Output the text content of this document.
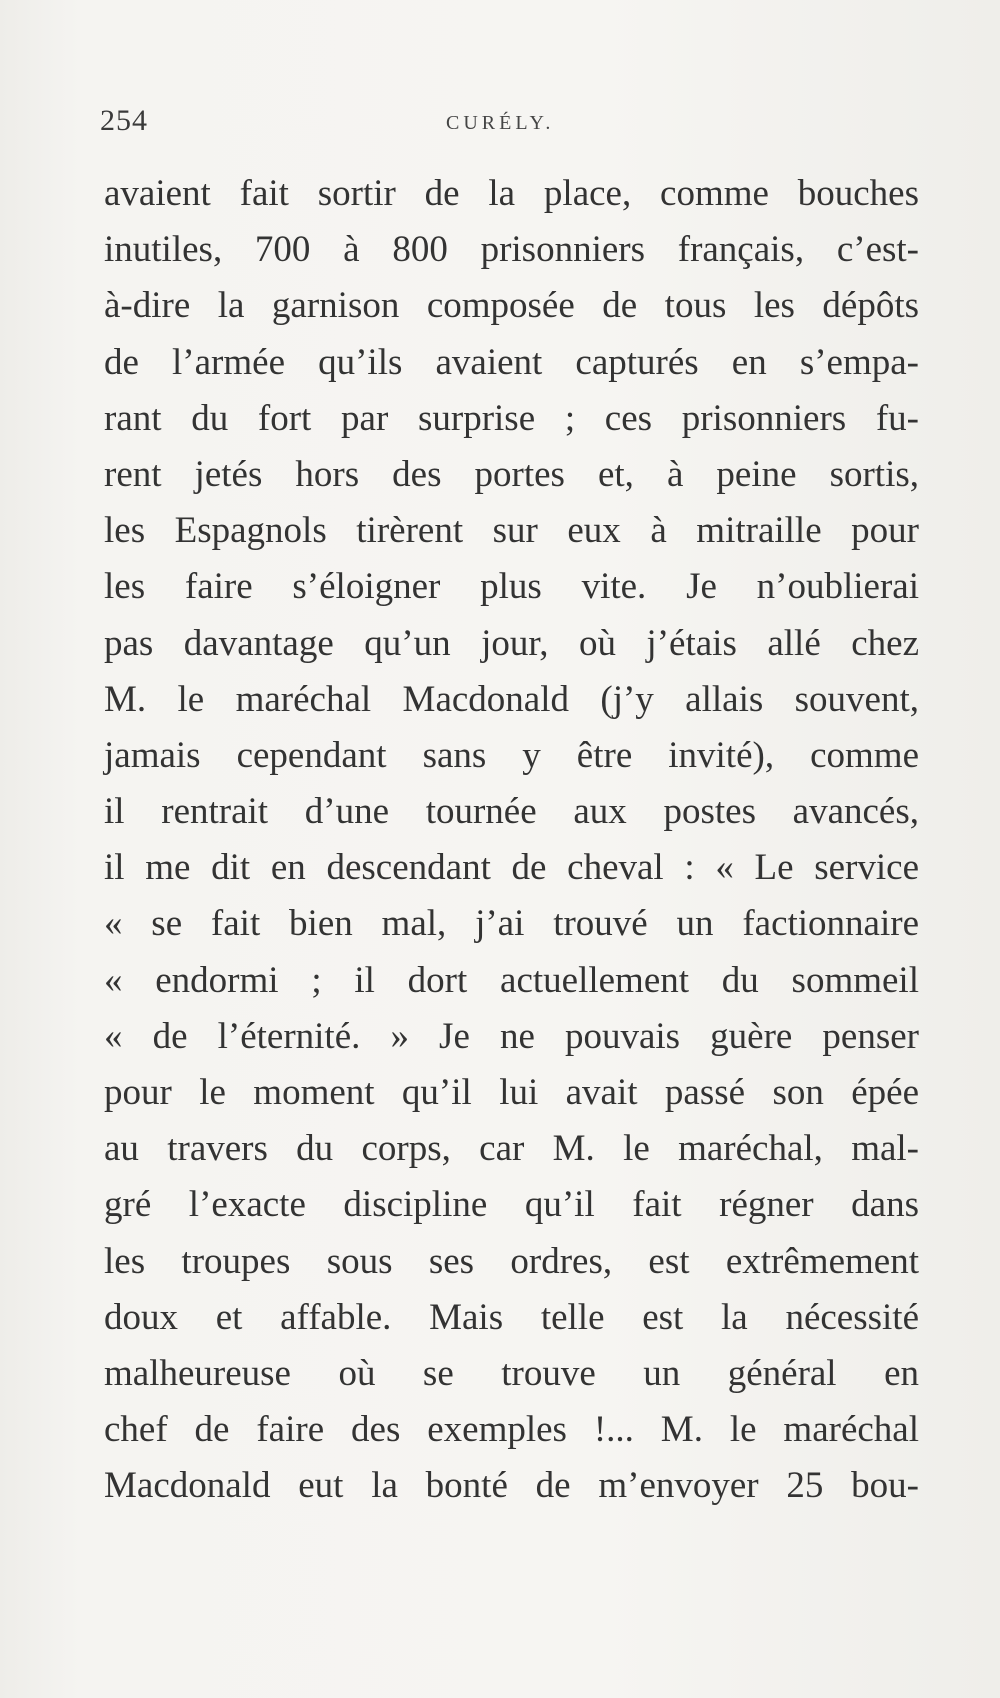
254	CURÉLY.
avaient fait sortir de la place, comme bouches
inutiles, 700 à 800 prisonniers français, c’est-
à-dire la garnison composée de tous les dépôts
de l’armée qu’ils avaient capturés en s’empa-
rant du fort par surprise ; ces prisonniers fu-
rent jetés hors des portes et, à peine sortis,
les Espagnols tirèrent sur eux à mitraille pour
les faire s’éloigner plus vite. Je n’oublierai
pas davantage qu’un jour, où j’étais allé chez
M. le maréchal Macdonald (j’y allais souvent,
jamais cependant sans y être invité), comme
il rentrait d’une tournée aux postes avancés,
il me dit en descendant de cheval : « Le service
« se fait bien mal, j’ai trouvé un factionnaire
« endormi ; il dort actuellement du sommeil
« de l’éternité. » Je ne pouvais guère penser
pour le moment qu’il lui avait passé son épée
au travers du corps, car M. le maréchal, mal-
gré l’exacte discipline qu’il fait régner dans
les troupes sous ses ordres, est extrêmement
doux et affable. Mais telle est la nécessité
malheureuse où se trouve un général en
chef de faire des exemples !... M. le maréchal
Macdonald eut la bonté de m’envoyer 25 bou-
